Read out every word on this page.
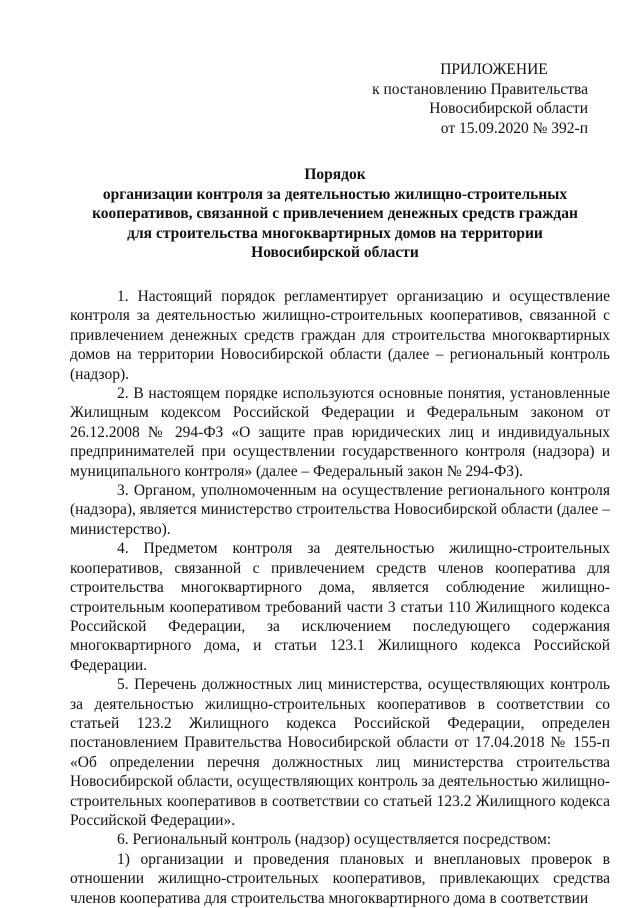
ПРИЛОЖЕНИЕ
к постановлению Правительства
Новосибирской области
от 15.09.2020 № 392-п
Порядок
организации контроля за деятельностью жилищно-строительных
кооперативов, связанной с привлечением денежных средств граждан
для строительства многоквартирных домов на территории
Новосибирской области

1. Настоящий порядок регламентирует организацию и осуществление контроля за деятельностью жилищно-строительных кооперативов, связанной с привлечением денежных средств граждан для строительства многоквартирных домов на территории Новосибирской области (далее – региональный контроль (надзор).

2. В настоящем порядке используются основные понятия, установленные Жилищным кодексом Российской Федерации и Федеральным законом от 26.12.2008 № 294-ФЗ «О защите прав юридических лиц и индивидуальных предпринимателей при осуществлении государственного контроля (надзора) и муниципального контроля» (далее – Федеральный закон № 294-ФЗ).

3. Органом, уполномоченным на осуществление регионального контроля (надзора), является министерство строительства Новосибирской области (далее – министерство).

4. Предметом контроля за деятельностью жилищно-строительных кооперативов, связанной с привлечением средств членов кооператива для строительства многоквартирного дома, является соблюдение жилищно-строительным кооперативом требований части 3 статьи 110 Жилищного кодекса Российской Федерации, за исключением последующего содержания многоквартирного дома, и статьи 123.1 Жилищного кодекса Российской Федерации.

5. Перечень должностных лиц министерства, осуществляющих контроль за деятельностью жилищно-строительных кооперативов в соответствии со статьей 123.2 Жилищного кодекса Российской Федерации, определен постановлением Правительства Новосибирской области от 17.04.2018 № 155-п «Об определении перечня должностных лиц министерства строительства Новосибирской области, осуществляющих контроль за деятельностью жилищно-строительных кооперативов в соответствии со статьей 123.2 Жилищного кодекса Российской Федерации».

6. Региональный контроль (надзор) осуществляется посредством:

1) организации и проведения плановых и внеплановых проверок в отношении жилищно-строительных кооперативов, привлекающих средства членов кооператива для строительства многоквартирного дома в соответствии
